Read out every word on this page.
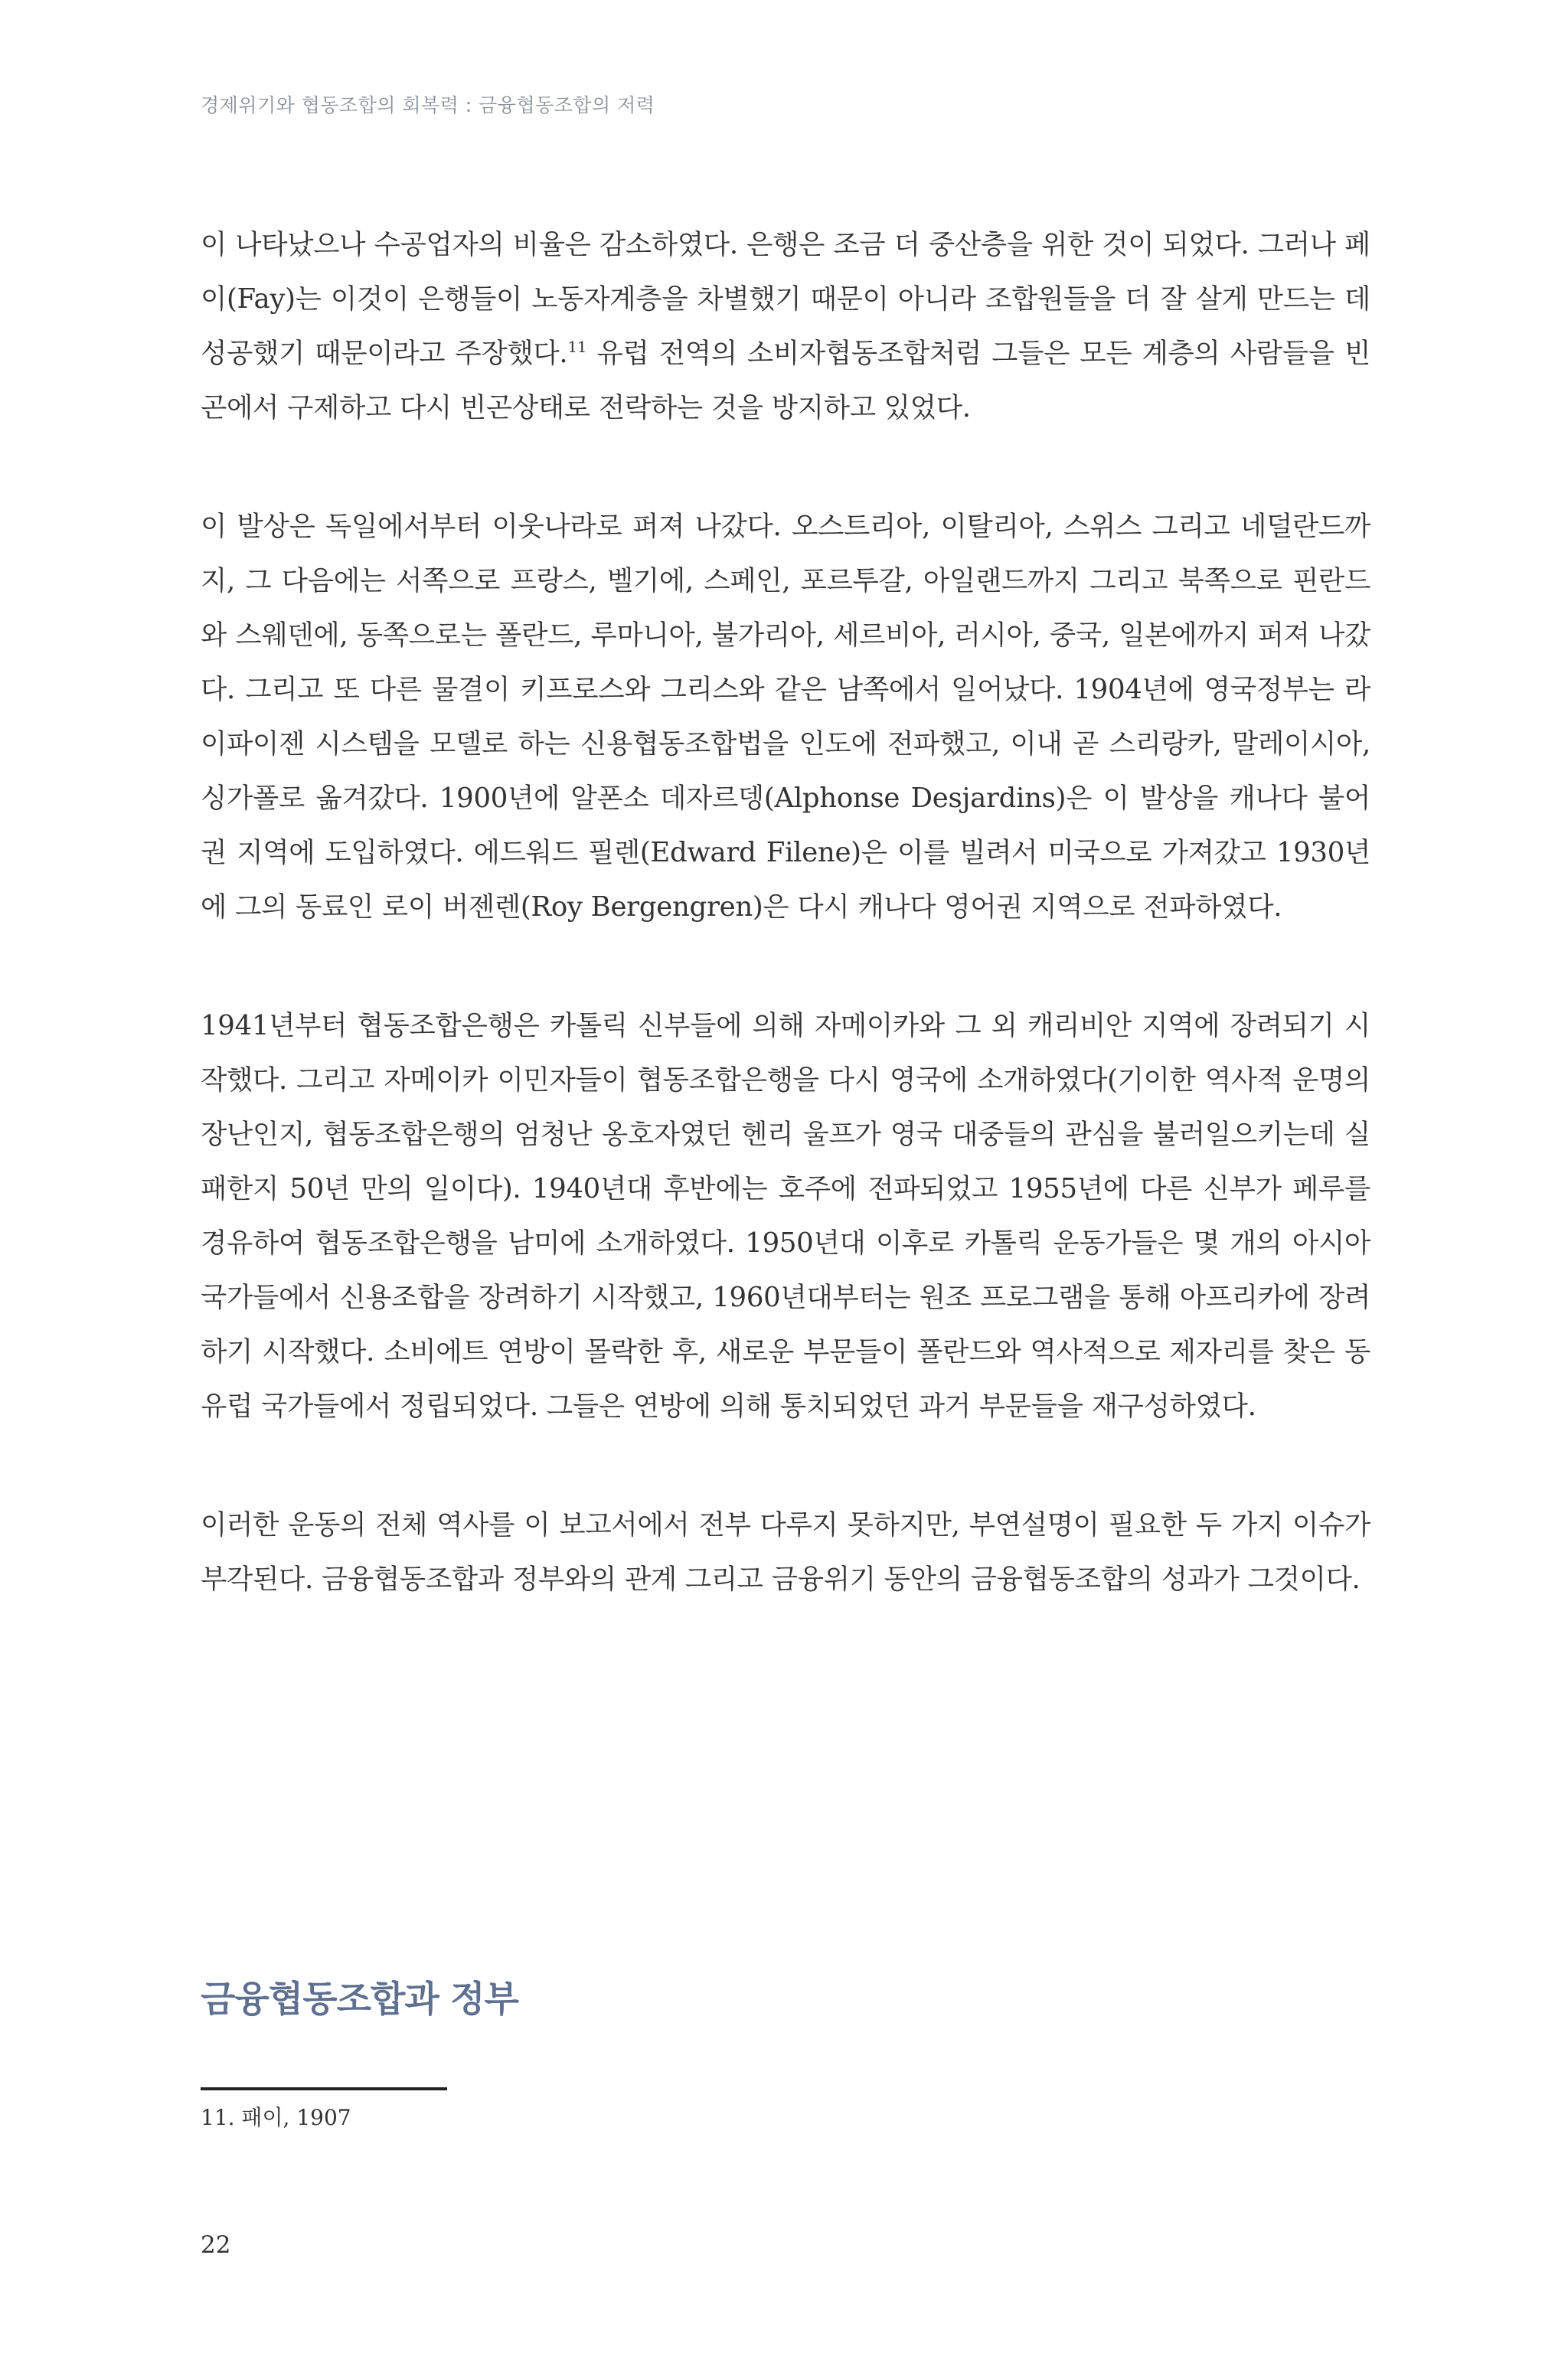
경제위기와 협동조합의 회복력 : 금융협동조합의 저력

이 나타났으나 수공업자의 비율은 감소하였다. 은행은 조금 더 중산층을 위한 것이 되었다. 그러나 페이(Fay)는 이것이 은행들이 노동자계층을 차별했기 때문이 아니라 조합원들을 더 잘 살게 만드는 데 성공했기 때문이라고 주장했다.$^{11}$ 유럽 전역의 소비자협동조합처럼 그들은 모든 계층의 사람들을 빈곤에서 구제하고 다시 빈곤상태로 전락하는 것을 방지하고 있었다.

이 발상은 독일에서부터 이웃나라로 퍼져 나갔다. 오스트리아, 이탈리아, 스위스 그리고 네덜란드까지, 그 다음에는 서쪽으로 프랑스, 벨기에, 스페인, 포르투갈, 아일랜드까지 그리고 북쪽으로 핀란드와 스웨덴에, 동쪽으로는 폴란드, 루마니아, 불가리아, 세르비아, 러시아, 중국, 일본에까지 퍼져 나갔다. 그리고 또 다른 물결이 키프로스와 그리스와 같은 남쪽에서 일어났다. 1904년에 영국정부는 라이파이젠 시스템을 모델로 하는 신용협동조합법을 인도에 전파했고, 이내 곧 스리랑카, 말레이시아, 싱가폴로 옮겨갔다. 1900년에 알폰소 데자르뎅(Alphonse Desjardins)은 이 발상을 캐나다 불어권 지역에 도입하였다. 에드워드 필렌(Edward Filene)은 이를 빌려서 미국으로 가져갔고 1930년에 그의 동료인 로이 버젠렌(Roy Bergengren)은 다시 캐나다 영어권 지역으로 전파하였다.

1941년부터 협동조합은행은 카톨릭 신부들에 의해 자메이카와 그 외 캐리비안 지역에 장려되기 시작했다. 그리고 자메이카 이민자들이 협동조합은행을 다시 영국에 소개하였다(기이한 역사적 운명의 장난인지, 협동조합은행의 엄청난 옹호자였던 헨리 울프가 영국 대중들의 관심을 불러일으키는데 실패한지 50년 만의 일이다). 1940년대 후반에는 호주에 전파되었고 1955년에 다른 신부가 페루를 경유하여 협동조합은행을 남미에 소개하였다. 1950년대 이후로 카톨릭 운동가들은 몇 개의 아시아 국가들에서 신용조합을 장려하기 시작했고, 1960년대부터는 원조 프로그램을 통해 아프리카에 장려하기 시작했다. 소비에트 연방이 몰락한 후, 새로운 부문들이 폴란드와 역사적으로 제자리를 찾은 동유럽 국가들에서 정립되었다. 그들은 연방에 의해 통치되었던 과거 부문들을 재구성하였다.

이러한 운동의 전체 역사를 이 보고서에서 전부 다루지 못하지만, 부연설명이 필요한 두 가지 이슈가 부각된다. 금융협동조합과 정부와의 관계 그리고 금융위기 동안의 금융협동조합의 성과가 그것이다.

금융협동조합과 정부
11. 패이, 1907
22
